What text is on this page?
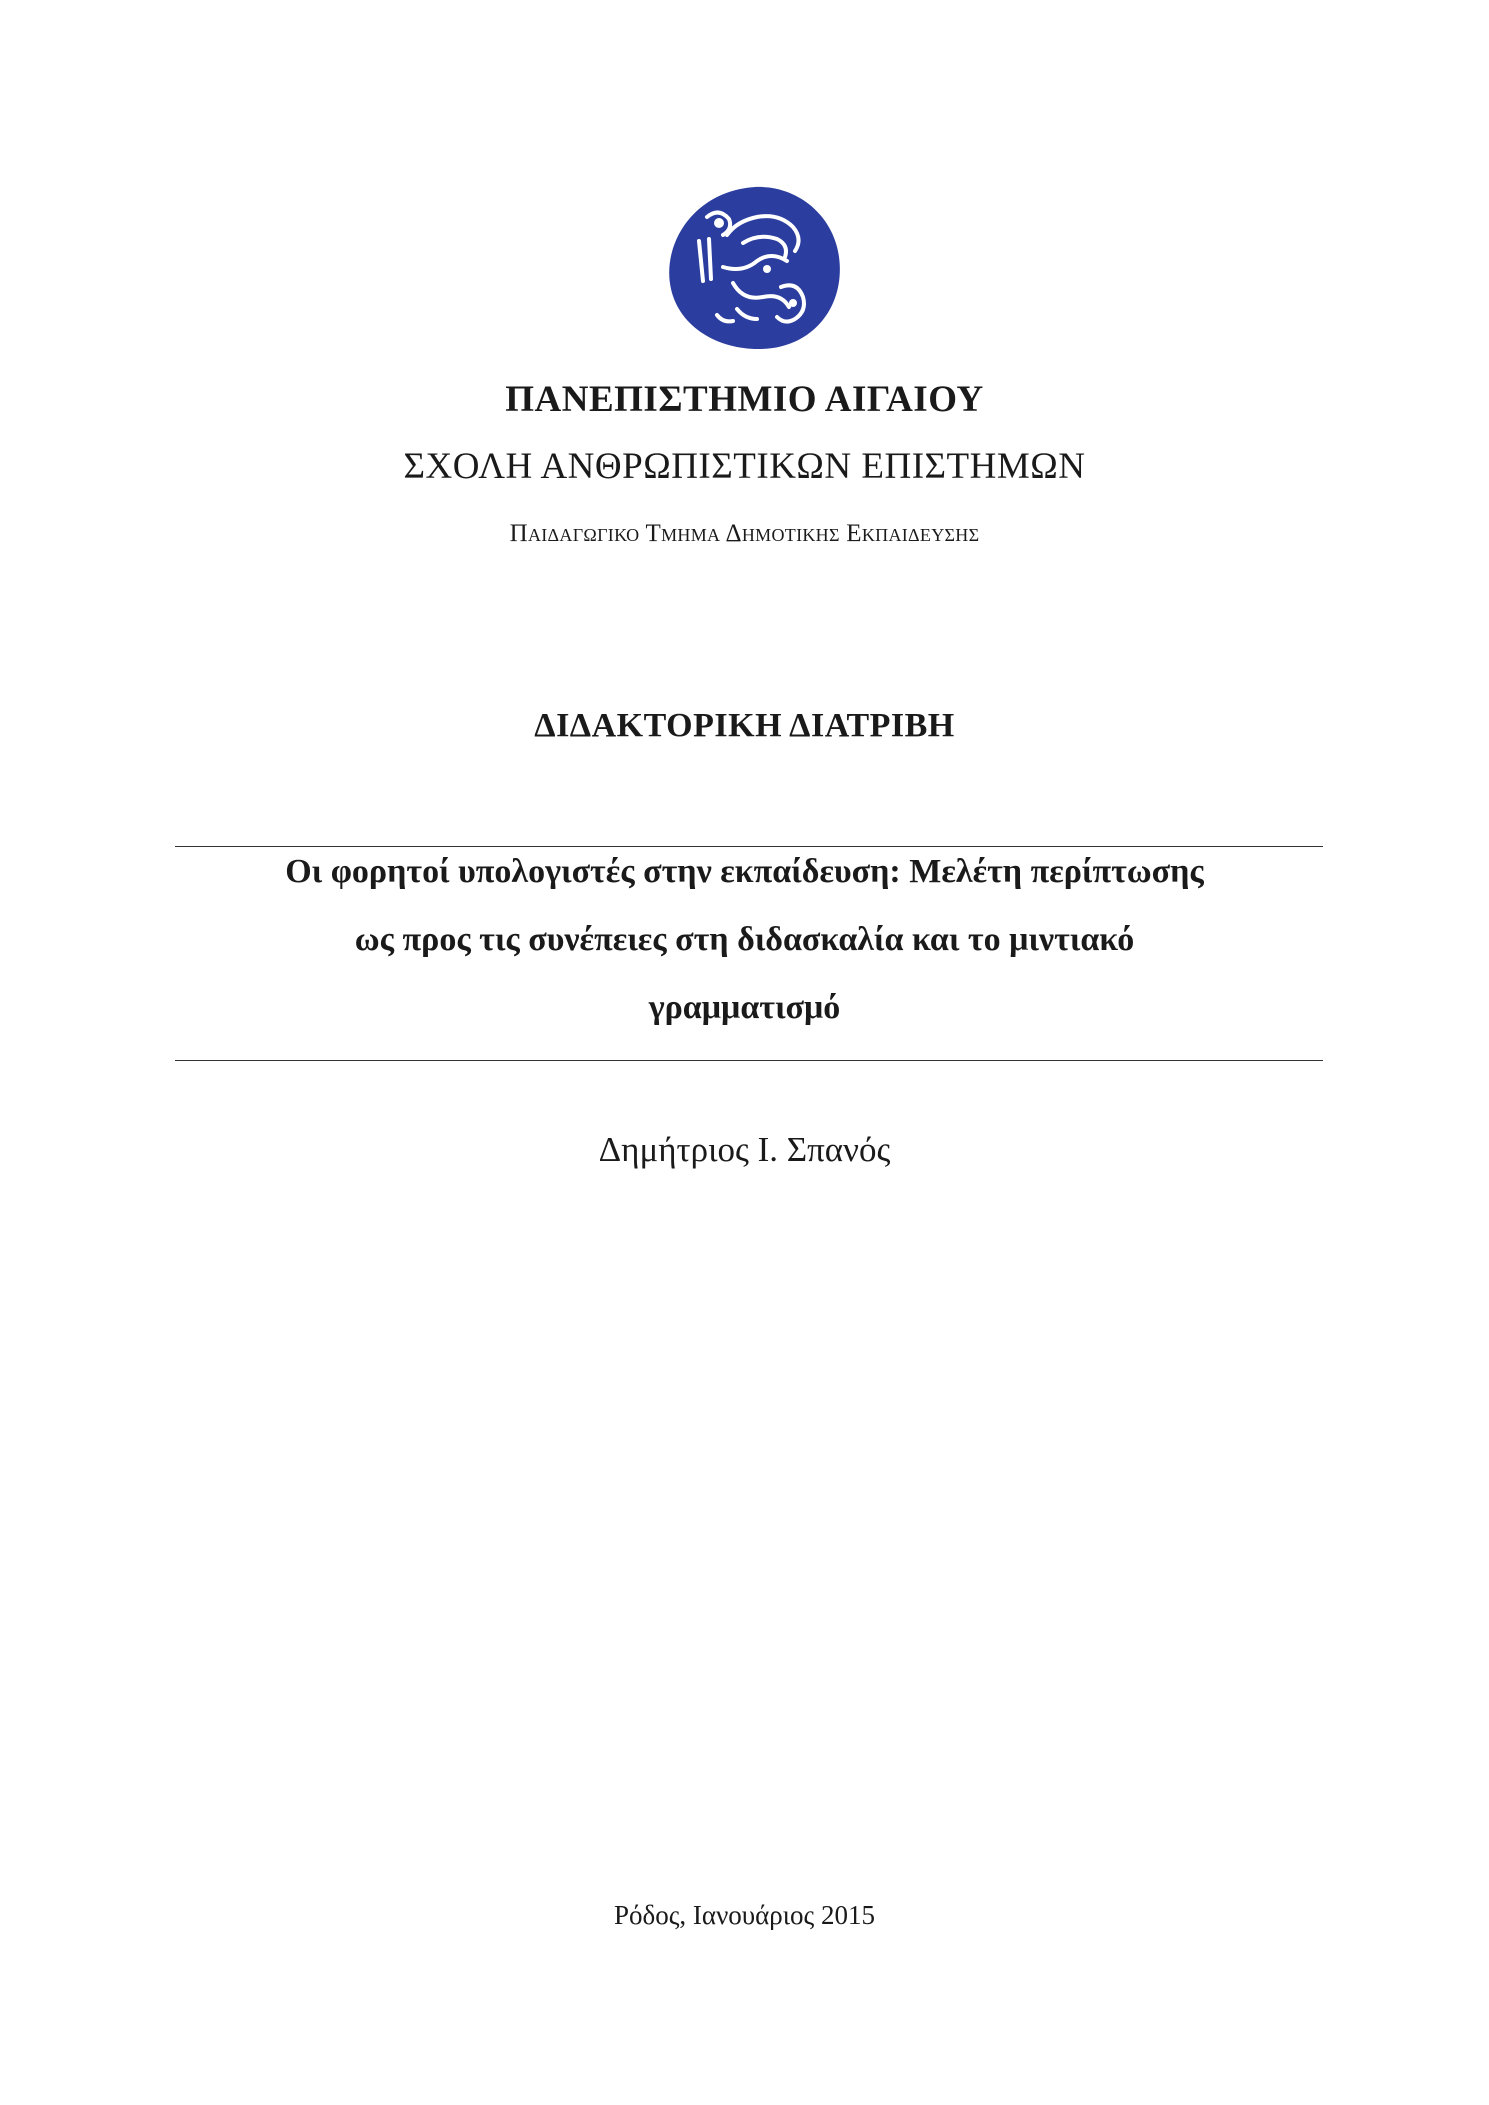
ΠΑΝΕΠΙΣΤΗΜΙΟ ΑΙΓΑΙΟΥ
ΣΧΟΛΗ ΑΝΘΡΩΠΙΣΤΙΚΩΝ ΕΠΙΣΤΗΜΩΝ
Παιδαγωγικο Τμημα Δημοτικης Εκπαιδευσης
ΔΙΔΑΚΤΟΡΙΚΗ ΔΙΑΤΡΙΒΗ
Οι φορητοί υπολογιστές στην εκπαίδευση: Μελέτη περίπτωσης
ως προς τις συνέπειες στη διδασκαλία και το μιντιακό
γραμματισμό
Δημήτριος Ι. Σπανός
Ρόδος, Ιανουάριος 2015
